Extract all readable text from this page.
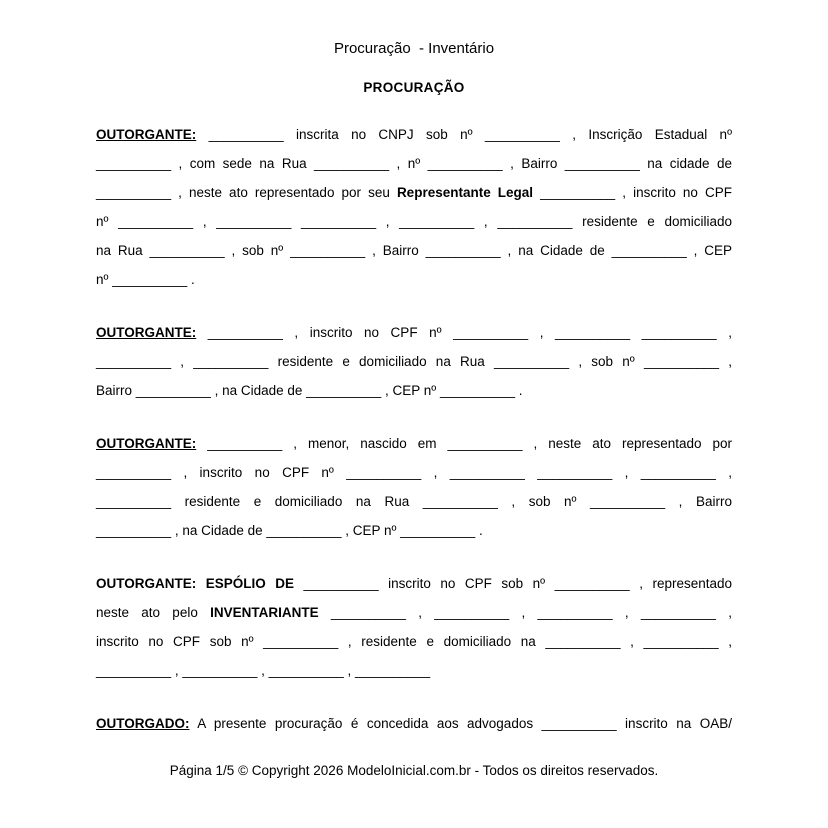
Procuração  - Inventário
PROCURAÇÃO
OUTORGANTE: __________ inscrita no CNPJ sob nº __________ , Inscrição Estadual nº
__________ , com sede na Rua __________ , nº __________ , Bairro __________ na cidade de
__________ , neste ato representado por seu Representante Legal __________ , inscrito no CPF
nº __________ , __________ __________ , __________ , __________ residente e domiciliado
na Rua __________ , sob nº __________ , Bairro __________ , na Cidade de __________ , CEP
nº __________ .
OUTORGANTE: __________ , inscrito no CPF nº __________ , __________ __________ ,
__________ , __________ residente e domiciliado na Rua __________ , sob nº __________ ,
Bairro __________ , na Cidade de __________ , CEP nº __________ .
OUTORGANTE: __________ , menor, nascido em __________ , neste ato representado por
__________ , inscrito no CPF nº __________ , __________ __________ , __________ ,
__________ residente e domiciliado na Rua __________ , sob nº __________ , Bairro
__________ , na Cidade de __________ , CEP nº __________ .
OUTORGANTE: ESPÓLIO DE __________ inscrito no CPF sob nº __________ , representado
neste ato pelo INVENTARIANTE __________ , __________ , __________ , __________ ,
inscrito no CPF sob nº __________ , residente e domiciliado na __________ , __________ ,
__________ , __________ , __________ , __________
OUTORGADO: A presente procuração é concedida aos advogados __________ inscrito na OAB/
Página 1/5 © Copyright 2026 ModeloInicial.com.br - Todos os direitos reservados.
